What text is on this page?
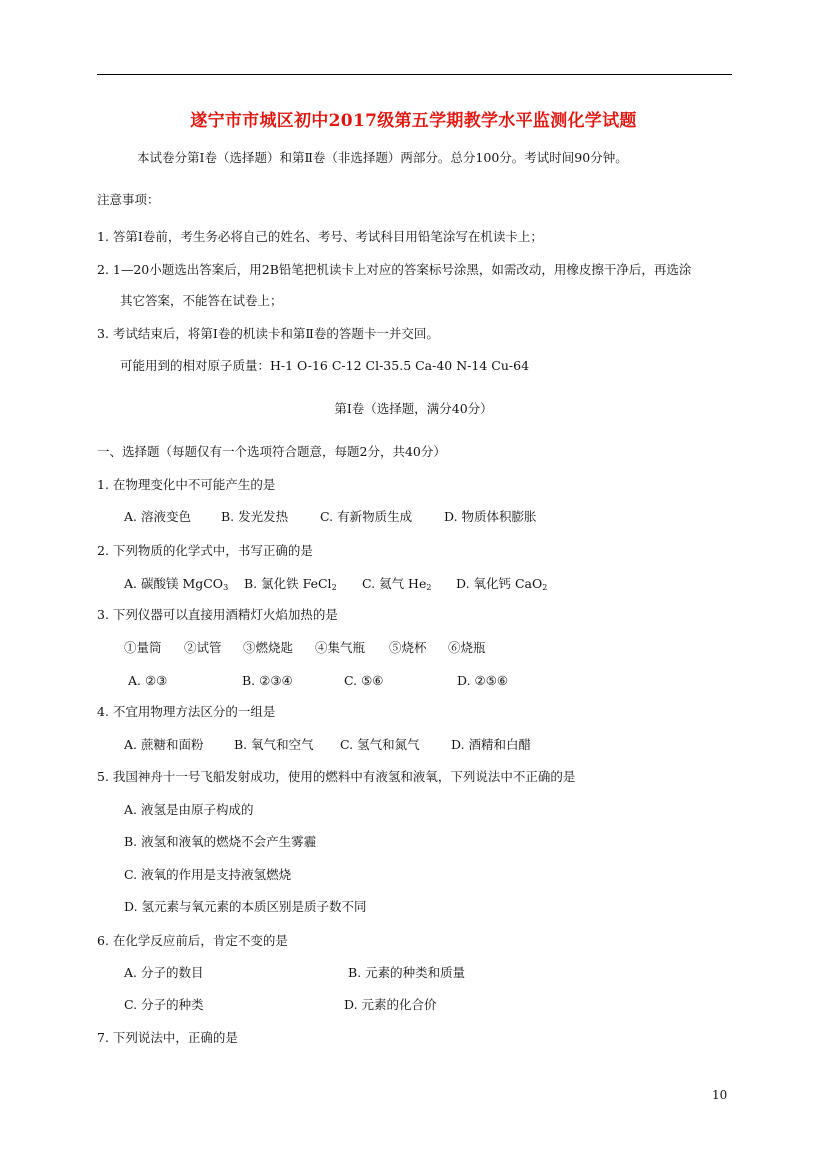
遂宁市市城区初中2017级第五学期教学水平监测化学试题
本试卷分第Ⅰ卷（选择题）和第Ⅱ卷（非选择题）两部分。总分100分。考试时间90分钟。
注意事项：
1. 答第Ⅰ卷前，考生务必将自己的姓名、考号、考试科目用铅笔涂写在机读卡上；
2. 1—20小题选出答案后，用2B铅笔把机读卡上对应的答案标号涂黑，如需改动，用橡皮擦干净后，再选涂
其它答案，不能答在试卷上；
3. 考试结束后，将第Ⅰ卷的机读卡和第Ⅱ卷的答题卡一并交回。
可能用到的相对原子质量：H-1 O-16 C-12 Cl-35.5 Ca-40 N-14 Cu-64
第Ⅰ卷（选择题，满分40分）
一、选择题（每题仅有一个选项符合题意，每题2分，共40分）
1. 在物理变化中不可能产生的是
A. 溶液变色 B. 发光发热	C. 有新物质生成	D. 物质体积膨胀
2. 下列物质的化学式中，书写正确的是
A. 碳酸镁 MgCO$_3$ B. 氯化铁 FeCl$_2$ C. 氦气 $He_2$ D. 氧化钙 CaO$_2$
3. 下列仪器可以直接用酒精灯火焰加热的是
①量筒 ②试管 ③燃烧匙 ④集气瓶 ⑤烧杯 ⑥烧瓶
A. ②③	B. ②③④	C. ⑤⑥	D. ②⑤⑥
4. 不宜用物理方法区分的一组是
A. 蔗糖和面粉 B. 氧气和空气 C. 氢气和氮气	D. 酒精和白醋
5. 我国神舟十一号飞船发射成功，使用的燃料中有液氢和液氧，下列说法中不正确的是
A. 液氢是由原子构成的
B. 液氢和液氧的燃烧不会产生雾霾
C. 液氧的作用是支持液氢燃烧
D. 氢元素与氧元素的本质区别是质子数不同
6. 在化学反应前后，肯定不变的是
A. 分子的数目	B. 元素的种类和质量
C. 分子的种类	D. 元素的化合价
7. 下列说法中，正确的是
10
